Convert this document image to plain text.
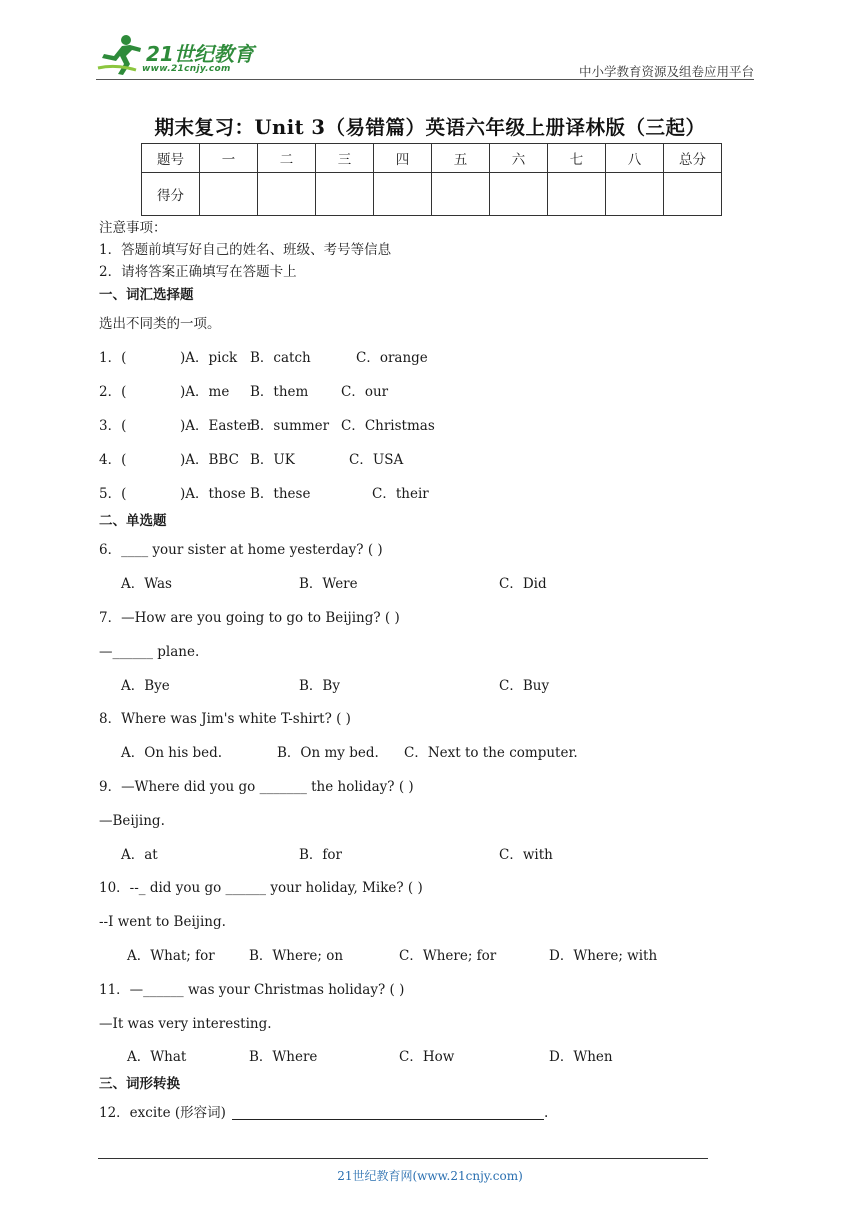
21世纪教育
www.21cnjy.com	中小学教育资源及组卷应用平台
期末复习：Unit 3（易错篇）英语六年级上册译林版（三起）
题号	一	二	三	四	五	六	七	八	总分
得分									
注意事项：
1．答题前填写好自己的姓名、班级、考号等信息
2．请将答案正确填写在答题卡上
一、词汇选择题
选出不同类的一项。
1．(	)A．pick B．catch	C．orange
2．(	)A．me B．them C．our
3．(	)A．Easter
B．summer C．Christmas
4．(	)A．BBC B．UK	C．USA
5．(	)A．those B．these	C．their
二、单选题
6．____ your sister at home yesterday? ( )
A．Was	B．Were	C．Did
7．—How are you going to go to Beijing? ( )
—______ plane.
A．Bye	B．By	C．Buy
8．Where was Jim's white T-shirt? ( )
A．On his bed.	B．On my bed. C．Next to the computer.
9．—Where did you go _______ the holiday? ( )
—Beijing.
A．at	B．for	C．with
10．--_ did you go ______ your holiday, Mike? ( )
--I went to Beijing.
A．What; for	B．Where; on	C．Where; for	D．Where; with
11．—______ was your Christmas holiday? ( )
—It was very interesting.
A．What	B．Where	C．How	D．When
三、词形转换
12．excite (形容词)	.
21世纪教育网(www.21cnjy.com)
